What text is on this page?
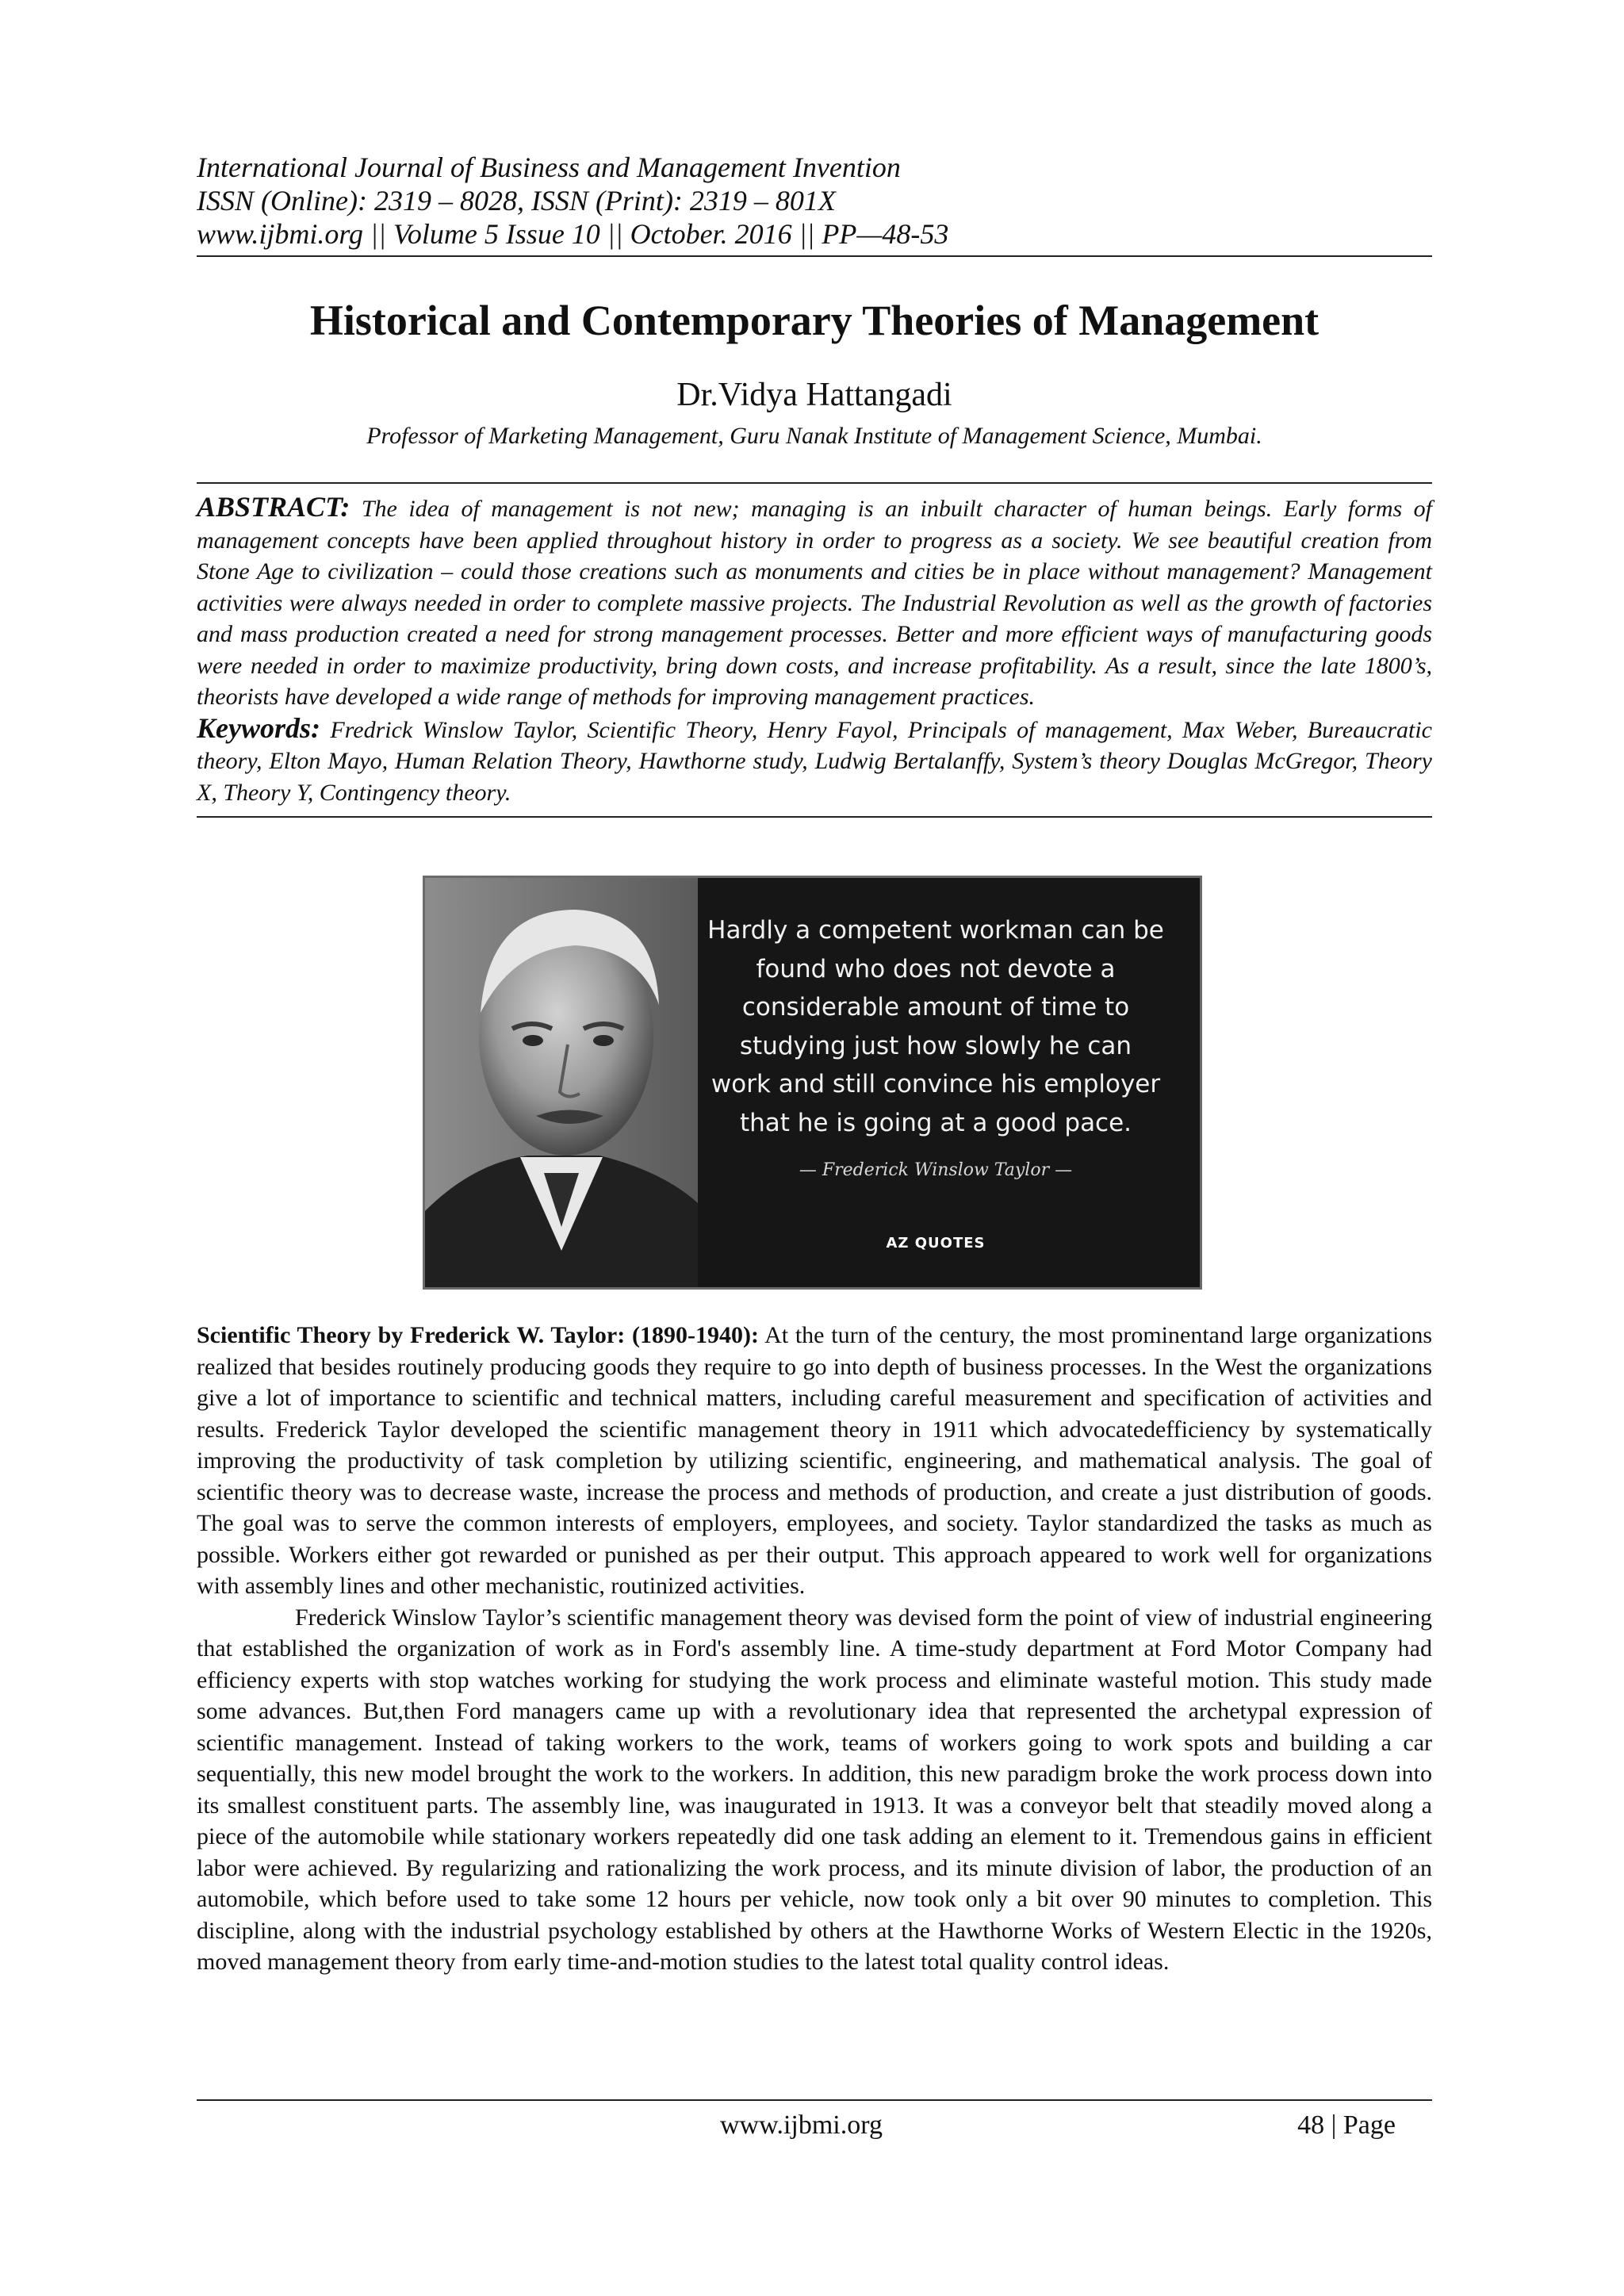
International Journal of Business and Management Invention
ISSN (Online): 2319 – 8028, ISSN (Print): 2319 – 801X
www.ijbmi.org || Volume 5 Issue 10 || October. 2016 || PP—48-53
Historical and Contemporary Theories of Management
Dr.Vidya Hattangadi
Professor of Marketing Management, Guru Nanak Institute of Management Science, Mumbai.

ABSTRACT: The idea of management is not new; managing is an inbuilt character of human beings. Early forms of management concepts have been applied throughout history in order to progress as a society. We see beautiful creation from Stone Age to civilization – could those creations such as monuments and cities be in place without management? Management activities were always needed in order to complete massive projects. The Industrial Revolution as well as the growth of factories and mass production created a need for strong management processes. Better and more efficient ways of manufacturing goods were needed in order to maximize productivity, bring down costs, and increase profitability. As a result, since the late 1800’s, theorists have developed a wide range of methods for improving management practices.

Keywords: Fredrick Winslow Taylor, Scientific Theory, Henry Fayol, Principals of management, Max Weber, Bureaucratic theory, Elton Mayo, Human Relation Theory, Hawthorne study, Ludwig Bertalanffy, System’s theory Douglas McGregor, Theory X, Theory Y, Contingency theory.

Hardly a competent workman can be
found who does not devote a
considerable amount of time to
studying just how slowly he can
work and still convince his employer
that he is going at a good pace.
— Frederick Winslow Taylor —
AZ QUOTES

Scientific Theory by Frederick W. Taylor: (1890-1940): At the turn of the century, the most prominentand large organizations realized that besides routinely producing goods they require to go into depth of business processes. In the West the organizations give a lot of importance to scientific and technical matters, including careful measurement and specification of activities and results. Frederick Taylor developed the scientific management theory in 1911 which advocatedefficiency by systematically improving the productivity of task completion by utilizing scientific, engineering, and mathematical analysis. The goal of scientific theory was to decrease waste, increase the process and methods of production, and create a just distribution of goods. The goal was to serve the common interests of employers, employees, and society. Taylor standardized the tasks as much as possible. Workers either got rewarded or punished as per their output. This approach appeared to work well for organizations with assembly lines and other mechanistic, routinized activities.

Frederick Winslow Taylor’s scientific management theory was devised form the point of view of industrial engineering that established the organization of work as in Ford's assembly line. A time-study department at Ford Motor Company had efficiency experts with stop watches working for studying the work process and eliminate wasteful motion. This study made some advances. But,then Ford managers came up with a revolutionary idea that represented the archetypal expression of scientific management. Instead of taking workers to the work, teams of workers going to work spots and building a car sequentially, this new model brought the work to the workers. In addition, this new paradigm broke the work process down into its smallest constituent parts. The assembly line, was inaugurated in 1913. It was a conveyor belt that steadily moved along a piece of the automobile while stationary workers repeatedly did one task adding an element to it. Tremendous gains in efficient labor were achieved. By regularizing and rationalizing the work process, and its minute division of labor, the production of an automobile, which before used to take some 12 hours per vehicle, now took only a bit over 90 minutes to completion. This discipline, along with the industrial psychology established by others at the Hawthorne Works of Western Electic in the 1920s, moved management theory from early time-and-motion studies to the latest total quality control ideas.

www.ijbmi.org	48 | Page
